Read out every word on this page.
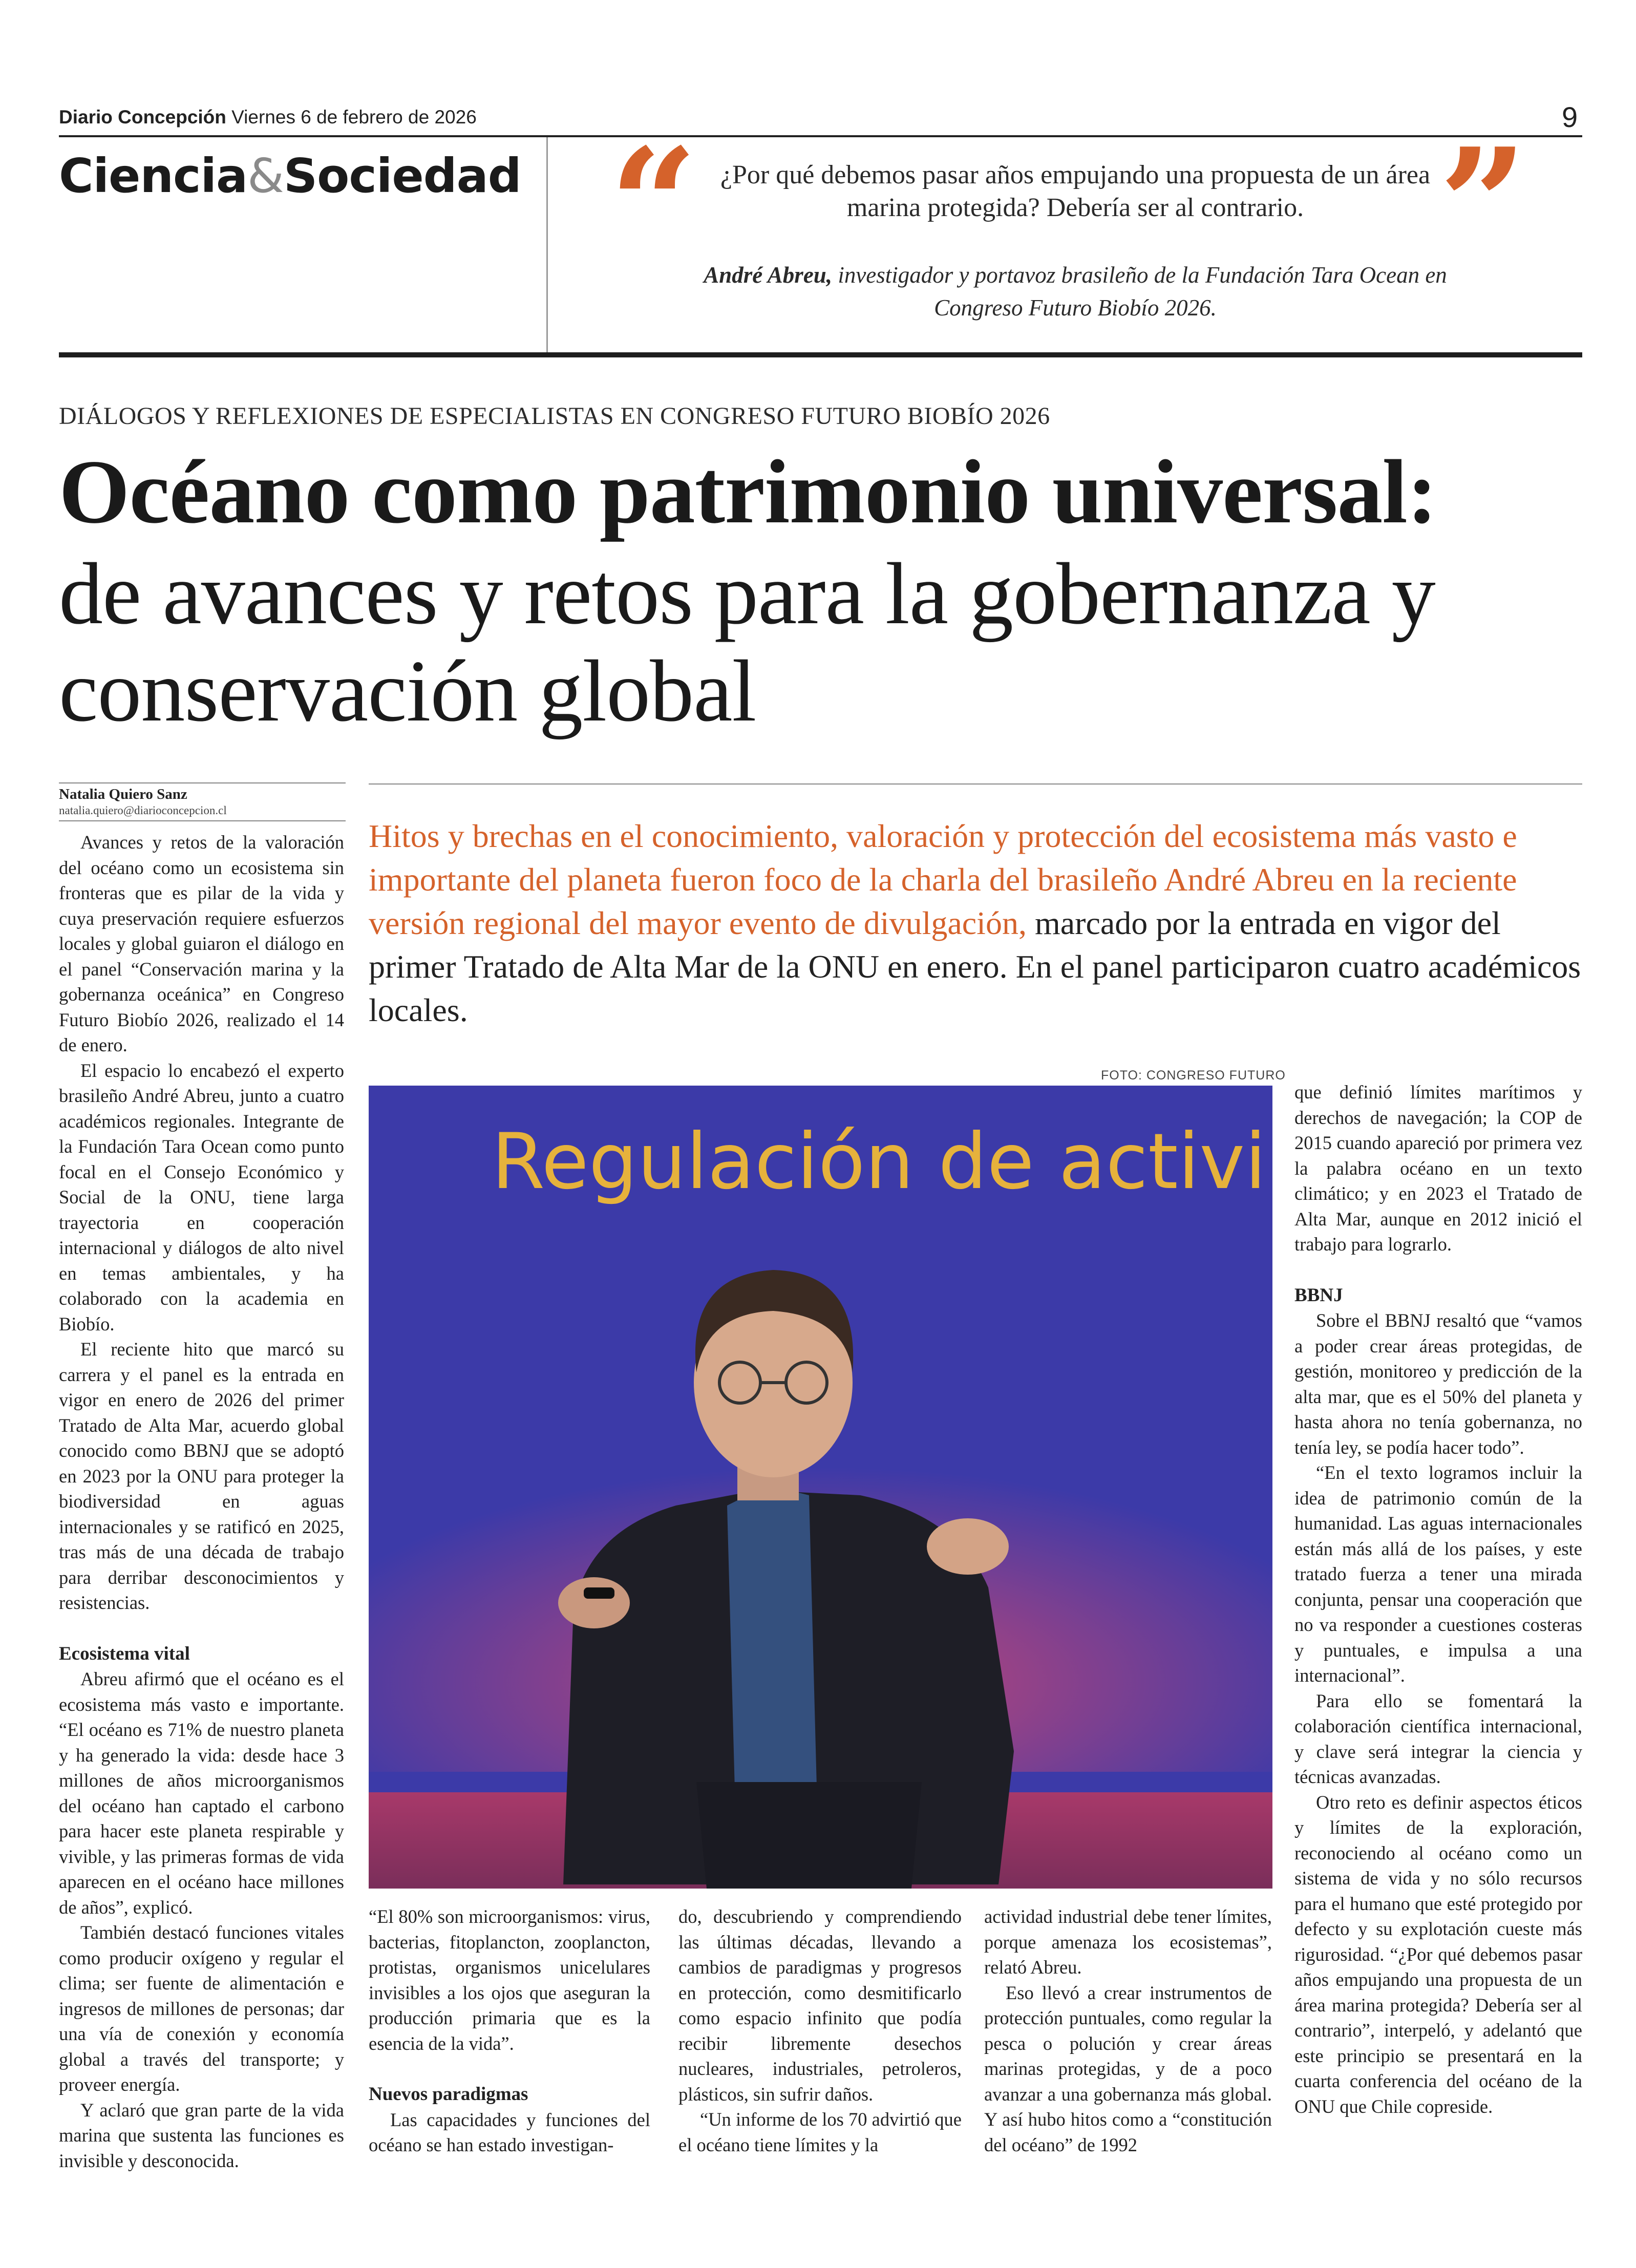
Diario Concepción Viernes 6 de febrero de 2026	9
Ciencia&Sociedad “ ¿Por qué debemos pasar años empujando una propuesta de un área marina protegida? Debería ser al contrario. ”
André Abreu, investigador y portavoz brasileño de la Fundación Tara Ocean en Congreso Futuro Biobío 2026.
DIÁLOGOS Y REFLEXIONES DE ESPECIALISTAS EN CONGRESO FUTURO BIOBÍO 2026
Océano como patrimonio universal:
de avances y retos para la gobernanza y conservación global
Natalia Quiero Sanz
natalia.quiero@diarioconcepcion.cl
Hitos y brechas en el conocimiento, valoración y protección del ecosistema más vasto e importante del planeta fueron foco de la charla del brasileño André Abreu en la reciente versión regional del mayor evento de divulgación, marcado por la entrada en vigor del primer Tratado de Alta Mar de la ONU en enero. En el panel participaron cuatro académicos locales.
FOTO: CONGRESO FUTURO
Regulación de activi

Avances y retos de la valoración del océano como un ecosistema sin fronteras que es pilar de la vida y cuya preservación requiere esfuerzos locales y global guiaron el diálogo en el panel “Conservación marina y la gobernanza oceánica” en Congreso Futuro Biobío 2026, realizado el 14 de enero.

El espacio lo encabezó el experto brasileño André Abreu, junto a cuatro académicos regionales. Integrante de la Fundación Tara Ocean como punto focal en el Consejo Económico y Social de la ONU, tiene larga trayectoria en cooperación internacional y diálogos de alto nivel en temas ambientales, y ha colaborado con la academia en Biobío.

El reciente hito que marcó su carrera y el panel es la entrada en vigor en enero de 2026 del primer Tratado de Alta Mar, acuerdo global conocido como BBNJ que se adoptó en 2023 por la ONU para proteger la biodiversidad en aguas internacionales y se ratificó en 2025, tras más de una década de trabajo para derribar desconocimientos y resistencias.

Ecosistema vital

Abreu afirmó que el océano es el ecosistema más vasto e importante. “El océano es 71% de nuestro planeta y ha generado la vida: desde hace 3 millones de años microorganismos del océano han captado el carbono para hacer este planeta respirable y vivible, y las primeras formas de vida aparecen en el océano hace millones de años”, explicó.

También destacó funciones vitales como producir oxígeno y regular el clima; ser fuente de alimentación e ingresos de millones de personas; dar una vía de conexión y economía global a través del transporte; y proveer energía.

Y aclaró que gran parte de la vida marina que sustenta las funciones es invisible y desconocida.

que definió límites marítimos y derechos de navegación; la COP de 2015 cuando apareció por primera vez la palabra océano en un texto climático; y en 2023 el Tratado de Alta Mar, aunque en 2012 inició el trabajo para lograrlo.

BBNJ

Sobre el BBNJ resaltó que “vamos a poder crear áreas protegidas, de gestión, monitoreo y predicción de la alta mar, que es el 50% del planeta y hasta ahora no tenía gobernanza, no tenía ley, se podía hacer todo”.

“En el texto logramos incluir la idea de patrimonio común de la humanidad. Las aguas internacionales están más allá de los países, y este tratado fuerza a tener una mirada conjunta, pensar una cooperación que no va responder a cuestiones costeras y puntuales, e impulsa a una internacional”.

Para ello se fomentará la colaboración científica internacional, y clave será integrar la ciencia y técnicas avanzadas.

Otro reto es definir aspectos éticos y límites de la exploración, reconociendo al océano como un sistema de vida y no sólo recursos para el humano que esté protegido por defecto y su explotación cueste más rigurosidad. “¿Por qué debemos pasar años empujando una propuesta de un área marina protegida? Debería ser al contrario”, interpeló, y adelantó que este principio se presentará en la cuarta conferencia del océano de la ONU que Chile copreside.

“El 80% son microorganismos: virus, bacterias, fitoplancton, zooplancton, protistas, organismos unicelulares invisibles a los ojos que aseguran la producción primaria que es la esencia de la vida”.

Nuevos paradigmas

Las capacidades y funciones del océano se han estado investigan-

do, descubriendo y comprendiendo las últimas décadas, llevando a cambios de paradigmas y progresos en protección, como desmitificarlo como espacio infinito que podía recibir libremente desechos nucleares, industriales, petroleros, plásticos, sin sufrir daños.

“Un informe de los 70 advirtió que el océano tiene límites y la

actividad industrial debe tener límites, porque amenaza los ecosistemas”, relató Abreu.

Eso llevó a crear instrumentos de protección puntuales, como regular la pesca o polución y crear áreas marinas protegidas, y de a poco avanzar a una gobernanza más global. Y así hubo hitos como a “constitución del océano” de 1992
